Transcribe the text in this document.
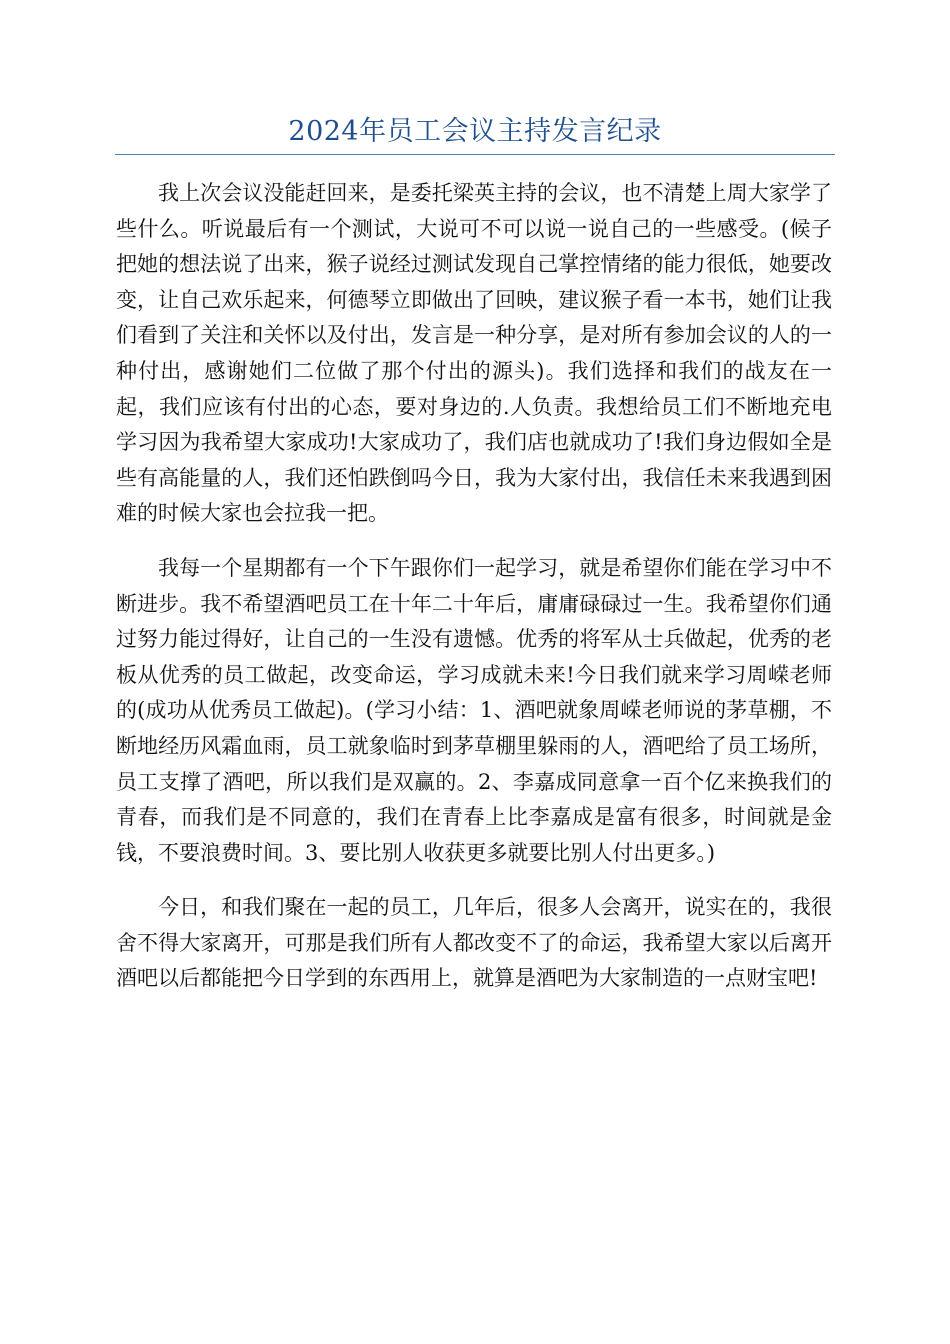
2024年员工会议主持发言纪录

我上次会议没能赶回来，是委托梁英主持的会议，也不清楚上周大家学了些什么。听说最后有一个测试，大说可不可以说一说自己的一些感受。(候子把她的想法说了出来，猴子说经过测试发现自己掌控情绪的能力很低，她要改变，让自己欢乐起来，何德琴立即做出了回映，建议猴子看一本书，她们让我们看到了关注和关怀以及付出，发言是一种分享，是对所有参加会议的人的一种付出，感谢她们二位做了那个付出的源头)。我们选择和我们的战友在一起，我们应该有付出的心态，要对身边的.人负责。我想给员工们不断地充电学习因为我希望大家成功!大家成功了，我们店也就成功了!我们身边假如全是些有高能量的人，我们还怕跌倒吗今日，我为大家付出，我信任未来我遇到困难的时候大家也会拉我一把。

我每一个星期都有一个下午跟你们一起学习，就是希望你们能在学习中不断进步。我不希望酒吧员工在十年二十年后，庸庸碌碌过一生。我希望你们通过努力能过得好，让自己的一生没有遗憾。优秀的将军从士兵做起，优秀的老板从优秀的员工做起，改变命运，学习成就未来!今日我们就来学习周嵘老师的(成功从优秀员工做起)。(学习小结：1、酒吧就象周嵘老师说的茅草棚，不断地经历风霜血雨，员工就象临时到茅草棚里躲雨的人，酒吧给了员工场所，员工支撑了酒吧，所以我们是双赢的。2、李嘉成同意拿一百个亿来换我们的青春，而我们是不同意的，我们在青春上比李嘉成是富有很多，时间就是金钱，不要浪费时间。3、要比别人收获更多就要比别人付出更多。)

今日，和我们聚在一起的员工，几年后，很多人会离开，说实在的，我很舍不得大家离开，可那是我们所有人都改变不了的命运，我希望大家以后离开酒吧以后都能把今日学到的东西用上，就算是酒吧为大家制造的一点财宝吧!
